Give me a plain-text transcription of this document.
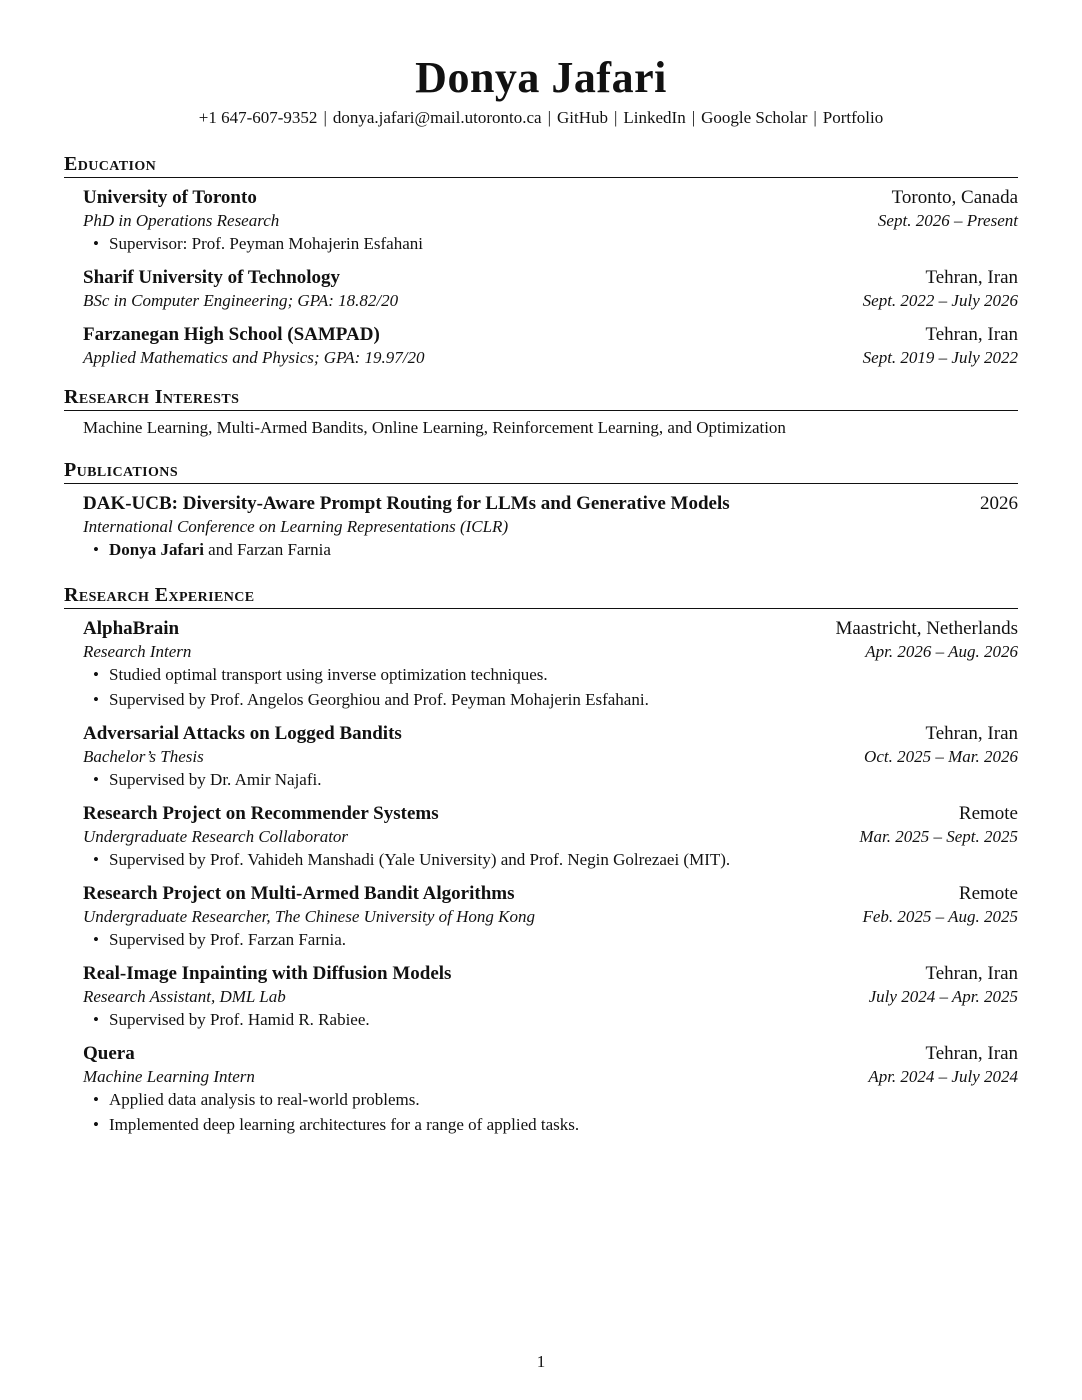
Donya Jafari
+1 647-607-9352 | donya.jafari@mail.utoronto.ca | GitHub | LinkedIn | Google Scholar | Portfolio
Education
University of Toronto	Toronto, Canada
PhD in Operations Research	Sept. 2026 – Present
• Supervisor: Prof. Peyman Mohajerin Esfahani
Sharif University of Technology	Tehran, Iran
BSc in Computer Engineering; GPA: 18.82/20	Sept. 2022 – July 2026
Farzanegan High School (SAMPAD)	Tehran, Iran
Applied Mathematics and Physics; GPA: 19.97/20	Sept. 2019 – July 2022
Research Interests
Machine Learning, Multi-Armed Bandits, Online Learning, Reinforcement Learning, and Optimization
Publications
DAK-UCB: Diversity-Aware Prompt Routing for LLMs and Generative Models	2026
International Conference on Learning Representations (ICLR)
• Donya Jafari and Farzan Farnia
Research Experience
AlphaBrain	Maastricht, Netherlands
Research Intern	Apr. 2026 – Aug. 2026
• Studied optimal transport using inverse optimization techniques.
• Supervised by Prof. Angelos Georghiou and Prof. Peyman Mohajerin Esfahani.
Adversarial Attacks on Logged Bandits	Tehran, Iran
Bachelor’s Thesis	Oct. 2025 – Mar. 2026
• Supervised by Dr. Amir Najafi.
Research Project on Recommender Systems	Remote
Undergraduate Research Collaborator	Mar. 2025 – Sept. 2025
• Supervised by Prof. Vahideh Manshadi (Yale University) and Prof. Negin Golrezaei (MIT).
Research Project on Multi-Armed Bandit Algorithms	Remote
Undergraduate Researcher, The Chinese University of Hong Kong	Feb. 2025 – Aug. 2025
• Supervised by Prof. Farzan Farnia.
Real-Image Inpainting with Diffusion Models	Tehran, Iran
Research Assistant, DML Lab	July 2024 – Apr. 2025
• Supervised by Prof. Hamid R. Rabiee.
Quera	Tehran, Iran
Machine Learning Intern	Apr. 2024 – July 2024
• Applied data analysis to real-world problems.
• Implemented deep learning architectures for a range of applied tasks.
1
